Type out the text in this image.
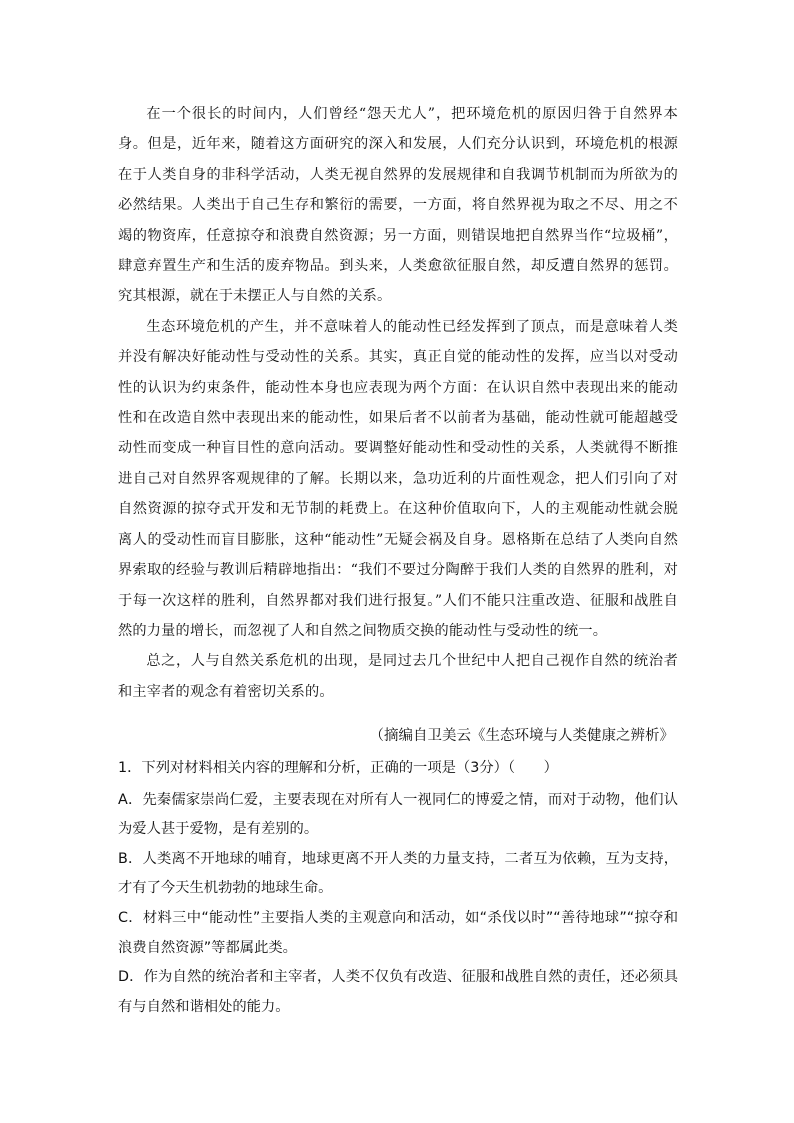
在一个很长的时间内，人们曾经“怨天尤人”，把环境危机的原因归咎于自然界本身。但是，近年来，随着这方面研究的深入和发展，人们充分认识到，环境危机的根源在于人类自身的非科学活动，人类无视自然界的发展规律和自我调节机制而为所欲为的必然结果。人类出于自己生存和繁衍的需要，一方面，将自然界视为取之不尽、用之不竭的物资库，任意掠夺和浪费自然资源；另一方面，则错误地把自然界当作“垃圾桶”，肆意弃置生产和生活的废弃物品。到头来，人类愈欲征服自然，却反遭自然界的惩罚。究其根源，就在于未摆正人与自然的关系。

生态环境危机的产生，并不意味着人的能动性已经发挥到了顶点，而是意味着人类并没有解决好能动性与受动性的关系。其实，真正自觉的能动性的发挥，应当以对受动性的认识为约束条件，能动性本身也应表现为两个方面：在认识自然中表现出来的能动性和在改造自然中表现出来的能动性，如果后者不以前者为基础，能动性就可能超越受动性而变成一种盲目性的意向活动。要调整好能动性和受动性的关系，人类就得不断推进自己对自然界客观规律的了解。长期以来，急功近利的片面性观念，把人们引向了对自然资源的掠夺式开发和无节制的耗费上。在这种价值取向下，人的主观能动性就会脱离人的受动性而盲目膨胀，这种“能动性”无疑会祸及自身。恩格斯在总结了人类向自然界索取的经验与教训后精辟地指出：“我们不要过分陶醉于我们人类的自然界的胜利，对于每一次这样的胜利，自然界都对我们进行报复。”人们不能只注重改造、征服和战胜自然的力量的增长，而忽视了人和自然之间物质交换的能动性与受动性的统一。

总之，人与自然关系危机的出现，是同过去几个世纪中人把自己视作自然的统治者和主宰者的观念有着密切关系的。

（摘编自卫美云《生态环境与人类健康之辨析》

1．下列对材料相关内容的理解和分析，正确的一项是（3分）（　　）

A．先秦儒家崇尚仁爱，主要表现在对所有人一视同仁的博爱之情，而对于动物，他们认为爱人甚于爱物，是有差别的。

B．人类离不开地球的哺育，地球更离不开人类的力量支持，二者互为依赖，互为支持，才有了今天生机勃勃的地球生命。

C．材料三中“能动性”主要指人类的主观意向和活动，如“杀伐以时”“善待地球”“掠夺和浪费自然资源”等都属此类。

D．作为自然的统治者和主宰者，人类不仅负有改造、征服和战胜自然的责任，还必须具有与自然和谐相处的能力。
